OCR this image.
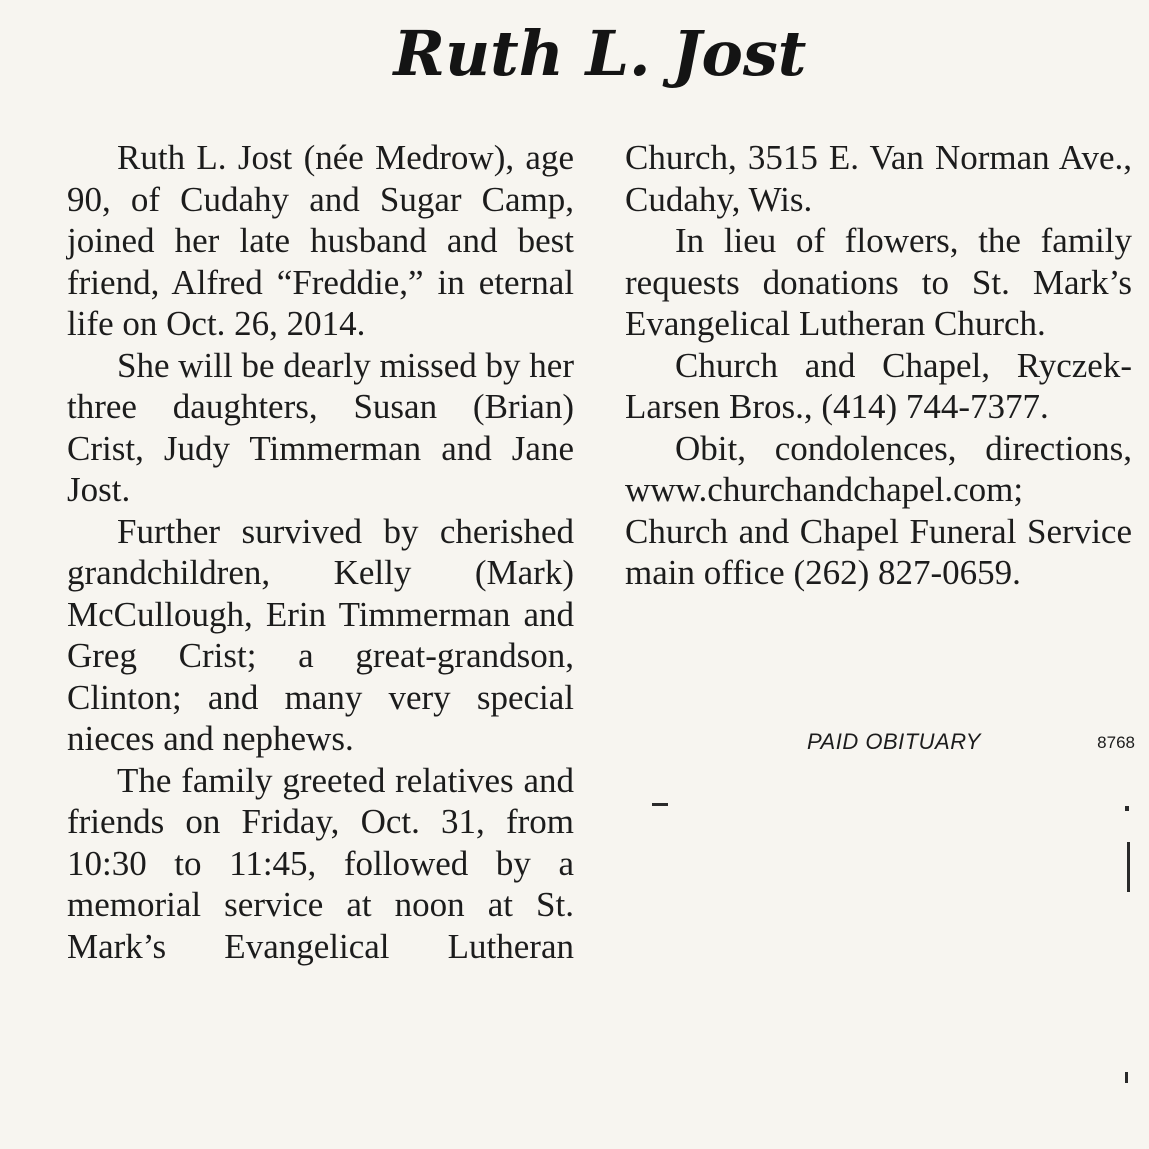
Ruth L. Jost

Ruth L. Jost (née Medrow), age 90, of Cudahy and Sugar Camp, joined her late husband and best friend, Alfred “Freddie,” in eternal life on Oct. 26, 2014.

She will be dearly missed by her three daughters, Susan (Brian) Crist, Judy Timmerman and Jane Jost.

Further survived by cherished grandchildren, Kelly (Mark) McCullough, Erin Timmerman and Greg Crist; a great-grandson, Clinton; and many very special nieces and nephews.

The family greeted relatives and friends on Friday, Oct. 31, from 10:30 to 11:45, followed by a memorial service at noon at St. Mark’s Evangelical Lutheran

Church, 3515 E. Van Norman Ave., Cudahy, Wis.

In lieu of flowers, the family requests donations to St. Mark’s Evangelical Lutheran Church.

Church and Chapel, Ryczek-Larsen Bros., (414) 744-7377.

Obit, condolences, directions, www.churchandchapel.com; Church and Chapel Funeral Service main office (262) 827-0659.

PAID OBITUARY	8768
